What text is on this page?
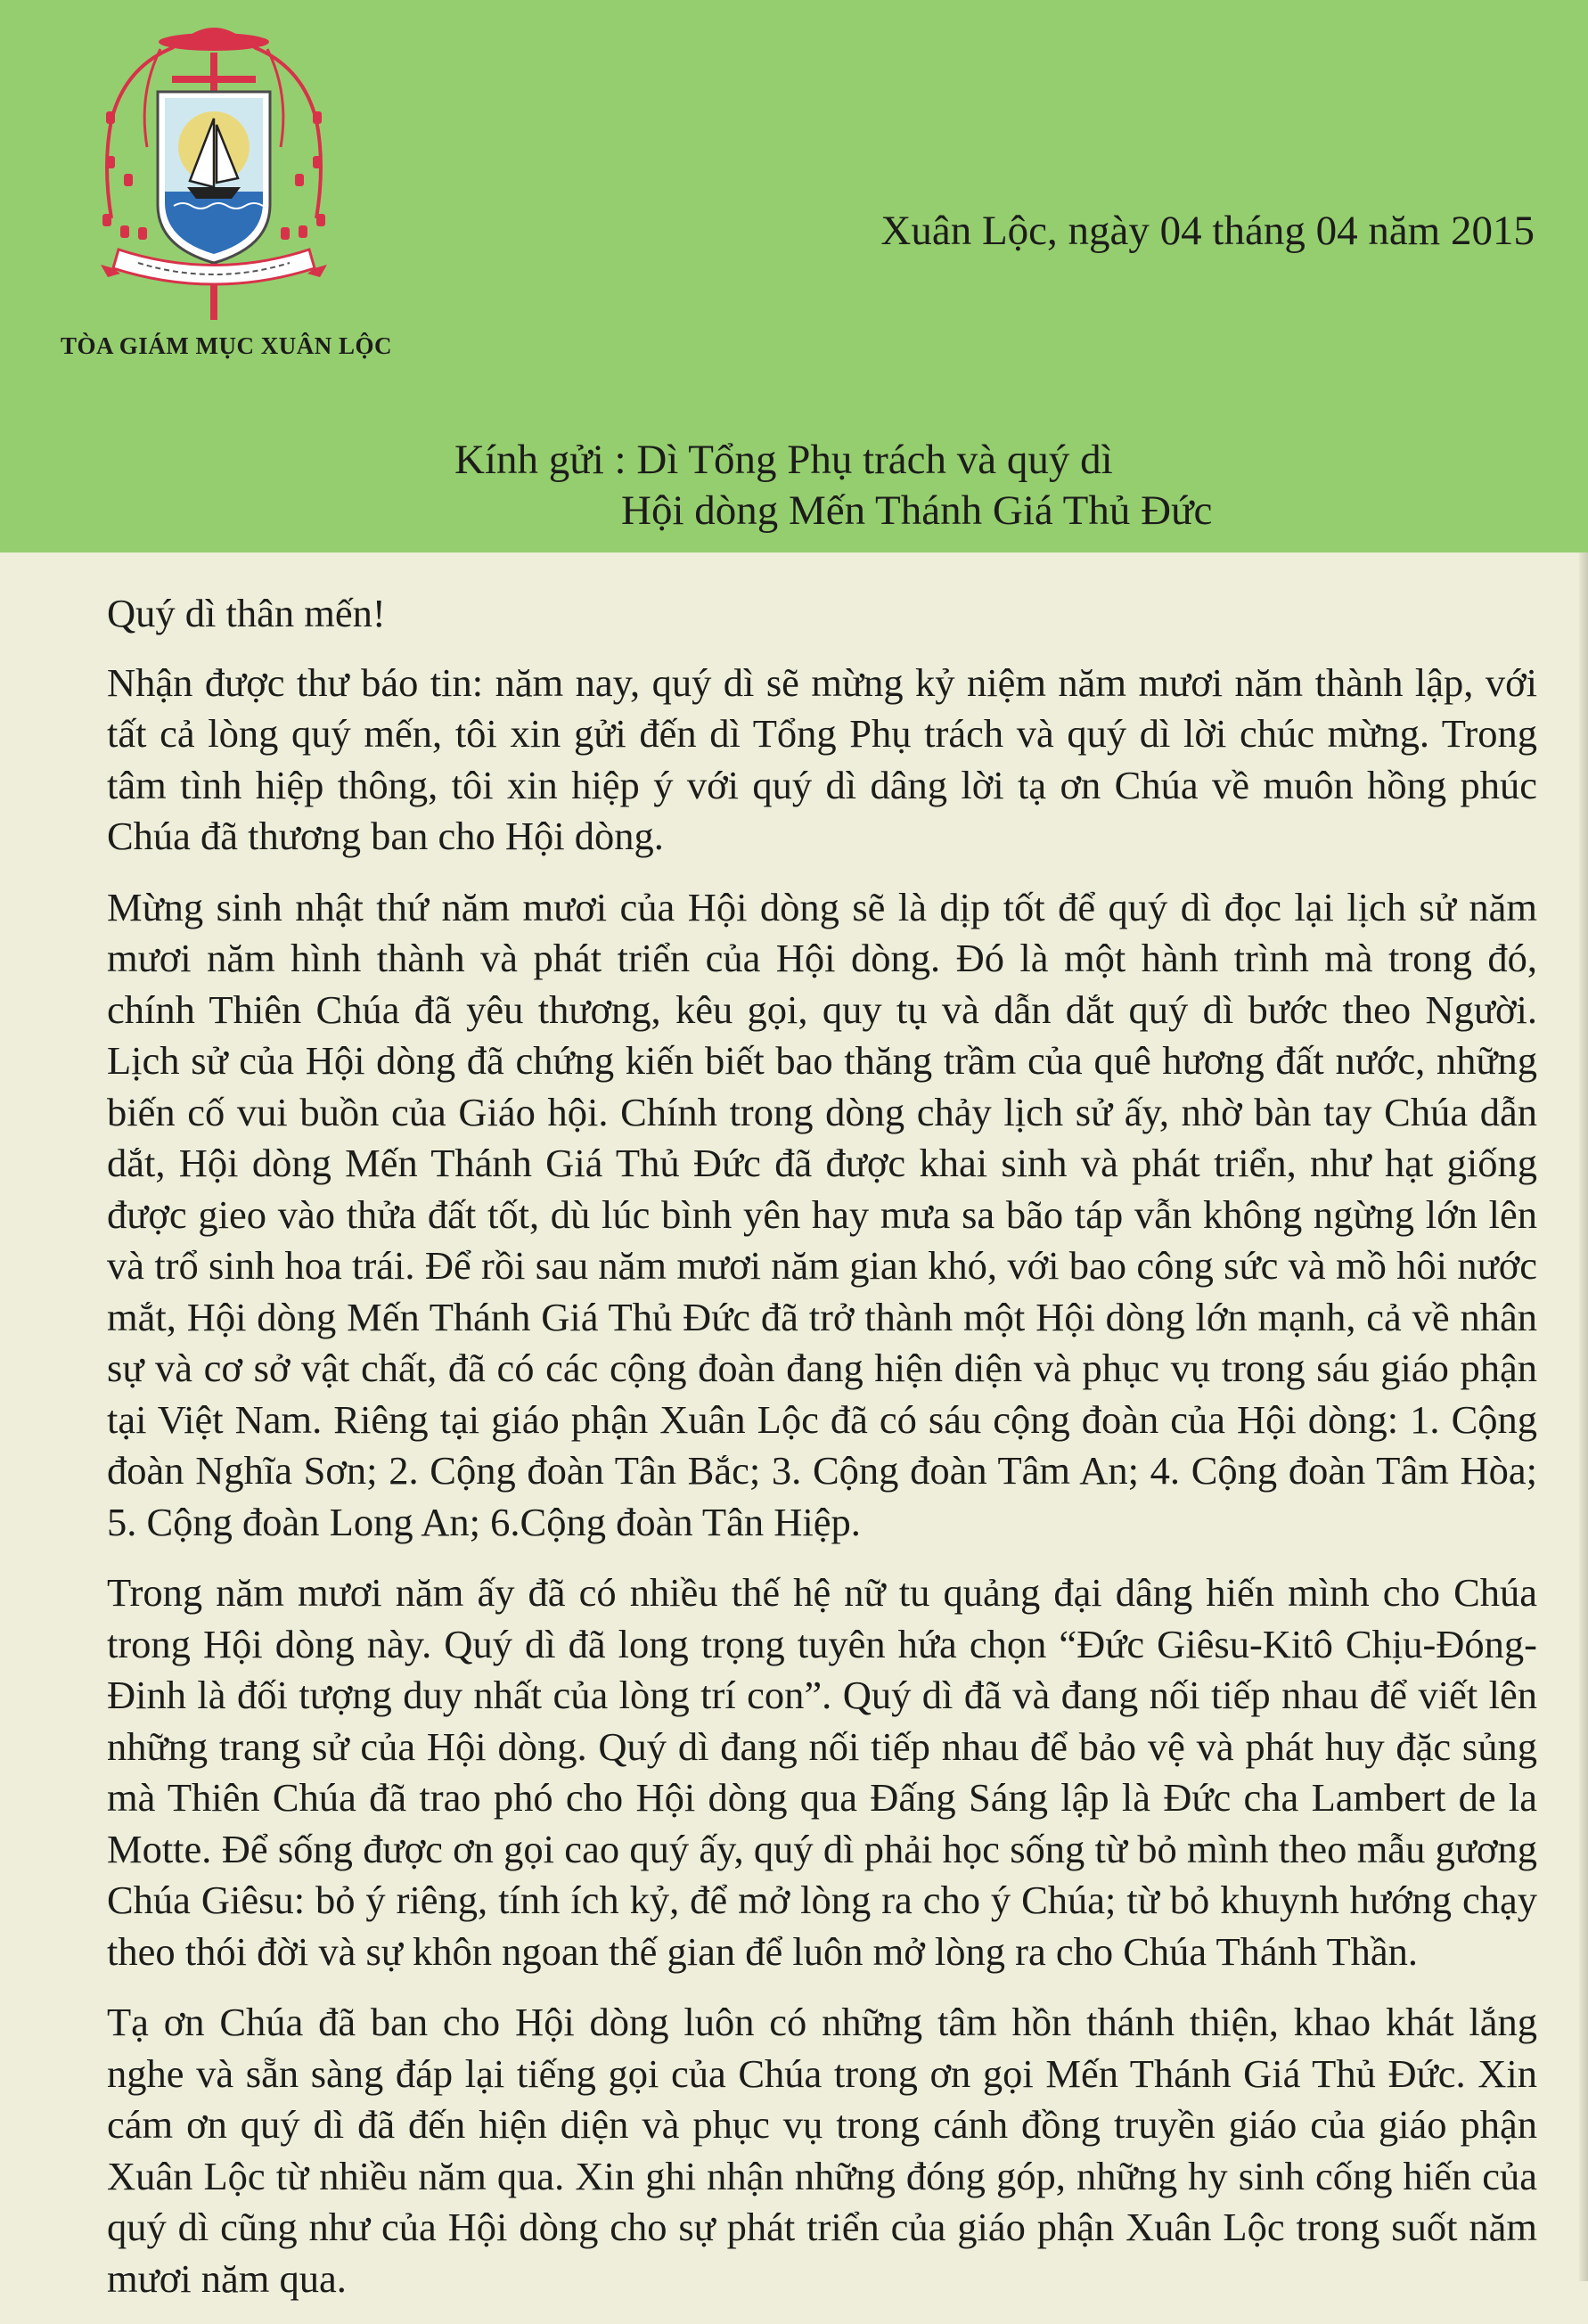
TÒA GIÁM MỤC XUÂN LỘC
Xuân Lộc, ngày 04 tháng 04 năm 2015
Kính gửi : Dì Tổng Phụ trách và quý dì
Hội dòng Mến Thánh Giá Thủ Đức

Quý dì thân mến!

Nhận được thư báo tin: năm nay, quý dì sẽ mừng kỷ niệm năm mươi năm thành lập, với tất cả lòng quý mến, tôi xin gửi đến dì Tổng Phụ trách và quý dì lời chúc mừng. Trong tâm tình hiệp thông, tôi xin hiệp ý với quý dì dâng lời tạ ơn Chúa về muôn hồng phúc Chúa đã thương ban cho Hội dòng.

Mừng sinh nhật thứ năm mươi của Hội dòng sẽ là dịp tốt để quý dì đọc lại lịch sử năm mươi năm hình thành và phát triển của Hội dòng. Đó là một hành trình mà trong đó, chính Thiên Chúa đã yêu thương, kêu gọi, quy tụ và dẫn dắt quý dì bước theo Người. Lịch sử của Hội dòng đã chứng kiến biết bao thăng trầm của quê hương đất nước, những biến cố vui buồn của Giáo hội. Chính trong dòng chảy lịch sử ấy, nhờ bàn tay Chúa dẫn dắt, Hội dòng Mến Thánh Giá Thủ Đức đã được khai sinh và phát triển, như hạt giống được gieo vào thửa đất tốt, dù lúc bình yên hay mưa sa bão táp vẫn không ngừng lớn lên và trổ sinh hoa trái. Để rồi sau năm mươi năm gian khó, với bao công sức và mồ hôi nước mắt, Hội dòng Mến Thánh Giá Thủ Đức đã trở thành một Hội dòng lớn mạnh, cả về nhân sự và cơ sở vật chất, đã có các cộng đoàn đang hiện diện và phục vụ trong sáu giáo phận tại Việt Nam. Riêng tại giáo phận Xuân Lộc đã có sáu cộng đoàn của Hội dòng: 1. Cộng đoàn Nghĩa Sơn; 2. Cộng đoàn Tân Bắc; 3. Cộng đoàn Tâm An; 4. Cộng đoàn Tâm Hòa; 5. Cộng đoàn Long An; 6.Cộng đoàn Tân Hiệp.

Trong năm mươi năm ấy đã có nhiều thế hệ nữ tu quảng đại dâng hiến mình cho Chúa trong Hội dòng này. Quý dì đã long trọng tuyên hứa chọn “Đức Giêsu-Kitô Chịu-Đóng-Đinh là đối tượng duy nhất của lòng trí con”. Quý dì đã và đang nối tiếp nhau để viết lên những trang sử của Hội dòng. Quý dì đang nối tiếp nhau để bảo vệ và phát huy đặc sủng mà Thiên Chúa đã trao phó cho Hội dòng qua Đấng Sáng lập là Đức cha Lambert de la Motte. Để sống được ơn gọi cao quý ấy, quý dì phải học sống từ bỏ mình theo mẫu gương Chúa Giêsu: bỏ ý riêng, tính ích kỷ, để mở lòng ra cho ý Chúa; từ bỏ khuynh hướng chạy theo thói đời và sự khôn ngoan thế gian để luôn mở lòng ra cho Chúa Thánh Thần.

Tạ ơn Chúa đã ban cho Hội dòng luôn có những tâm hồn thánh thiện, khao khát lắng nghe và sẵn sàng đáp lại tiếng gọi của Chúa trong ơn gọi Mến Thánh Giá Thủ Đức. Xin cám ơn quý dì đã đến hiện diện và phục vụ trong cánh đồng truyền giáo của giáo phận Xuân Lộc từ nhiều năm qua. Xin ghi nhận những đóng góp, những hy sinh cống hiến của quý dì cũng như của Hội dòng cho sự phát triển của giáo phận Xuân Lộc trong suốt năm mươi năm qua.
